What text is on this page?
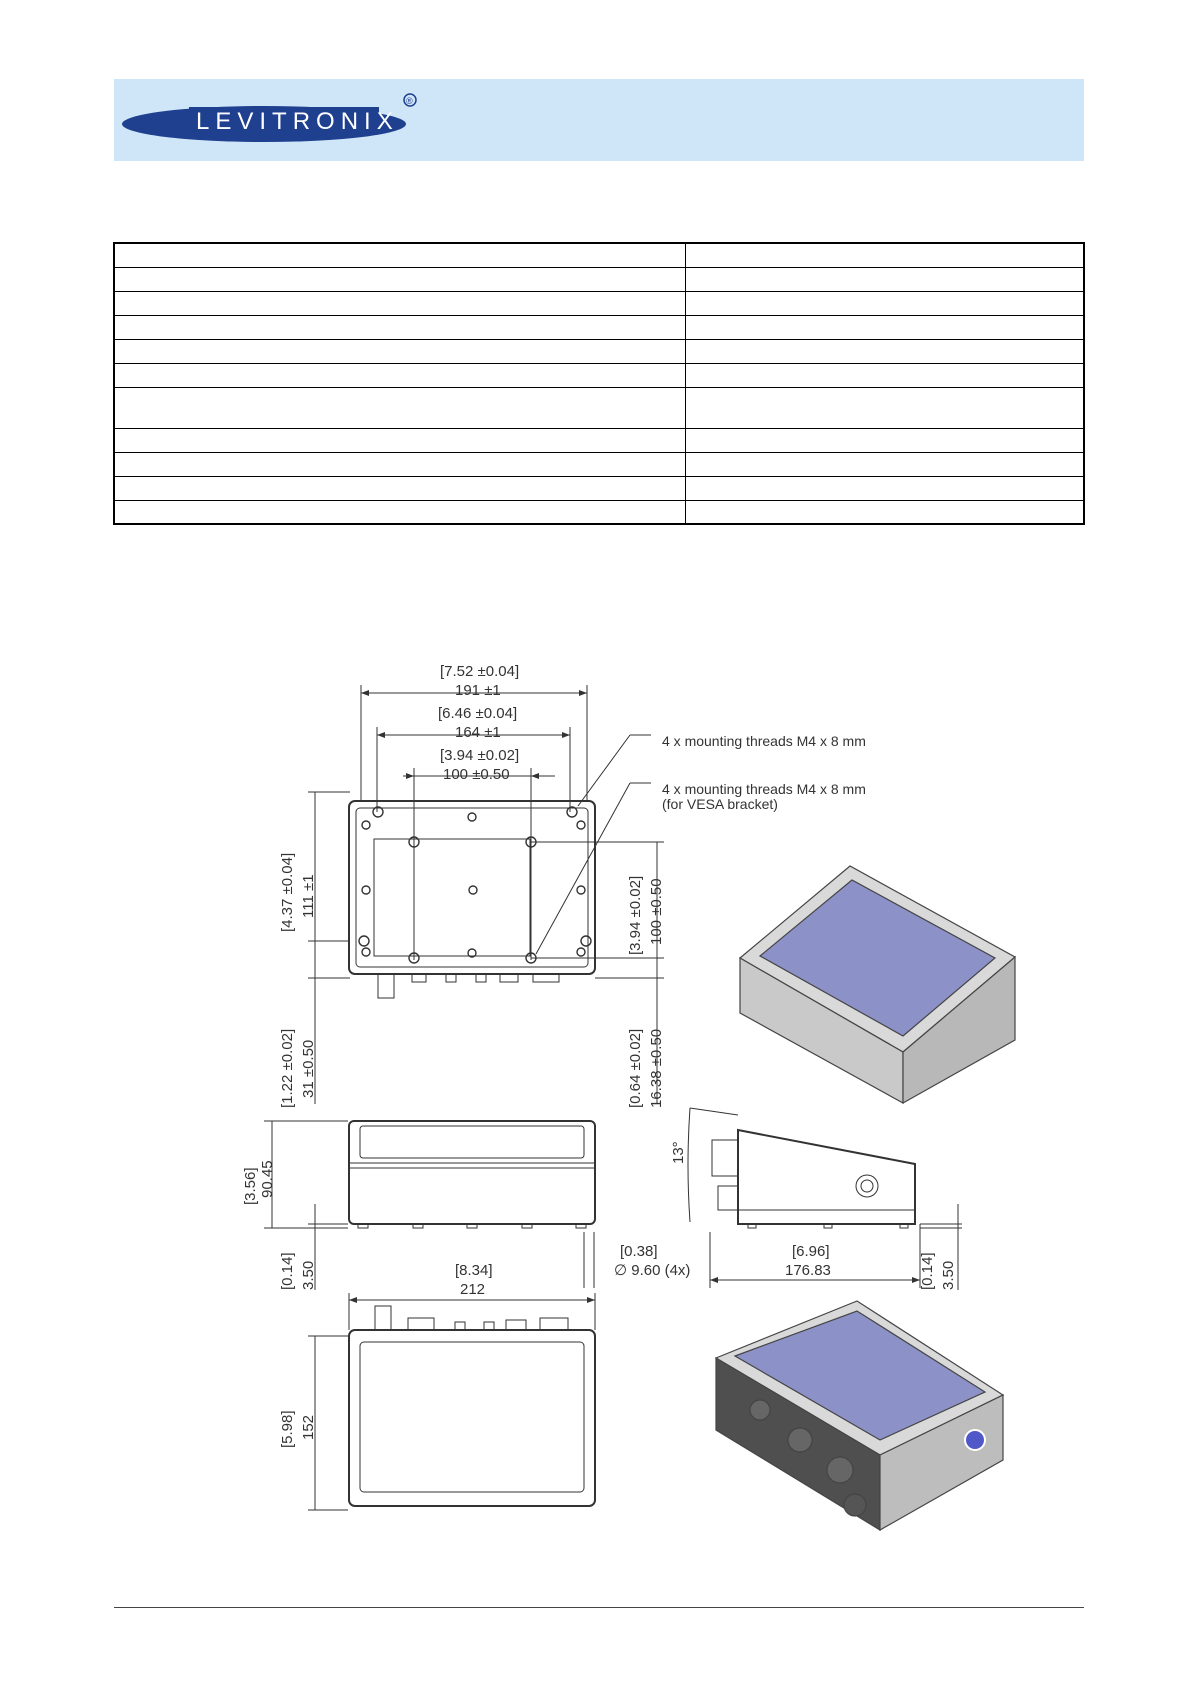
LEVITRONIX
®

[7.52 ±0.04]
191 ±1
[6.46 ±0.04]
164 ±1
[3.94 ±0.02]
100 ±0.50
4 x mounting threads M4 x 8 mm
4 x mounting threads M4 x 8 mm
(for VESA bracket)
[4.37 ±0.04] 111 ±1
[1.22 ±0.02] 31 ±0.50
[3.94 ±0.02] 100 ±0.50
[0.64 ±0.02] 16.38 ±0.50
[3.56] 90.45
[0.14] 3.50
[0.38]
∅ 9.60 (4x)
13°
[6.96]
176.83	[0.14] 3.50
[8.34]
212
[5.98] 152
